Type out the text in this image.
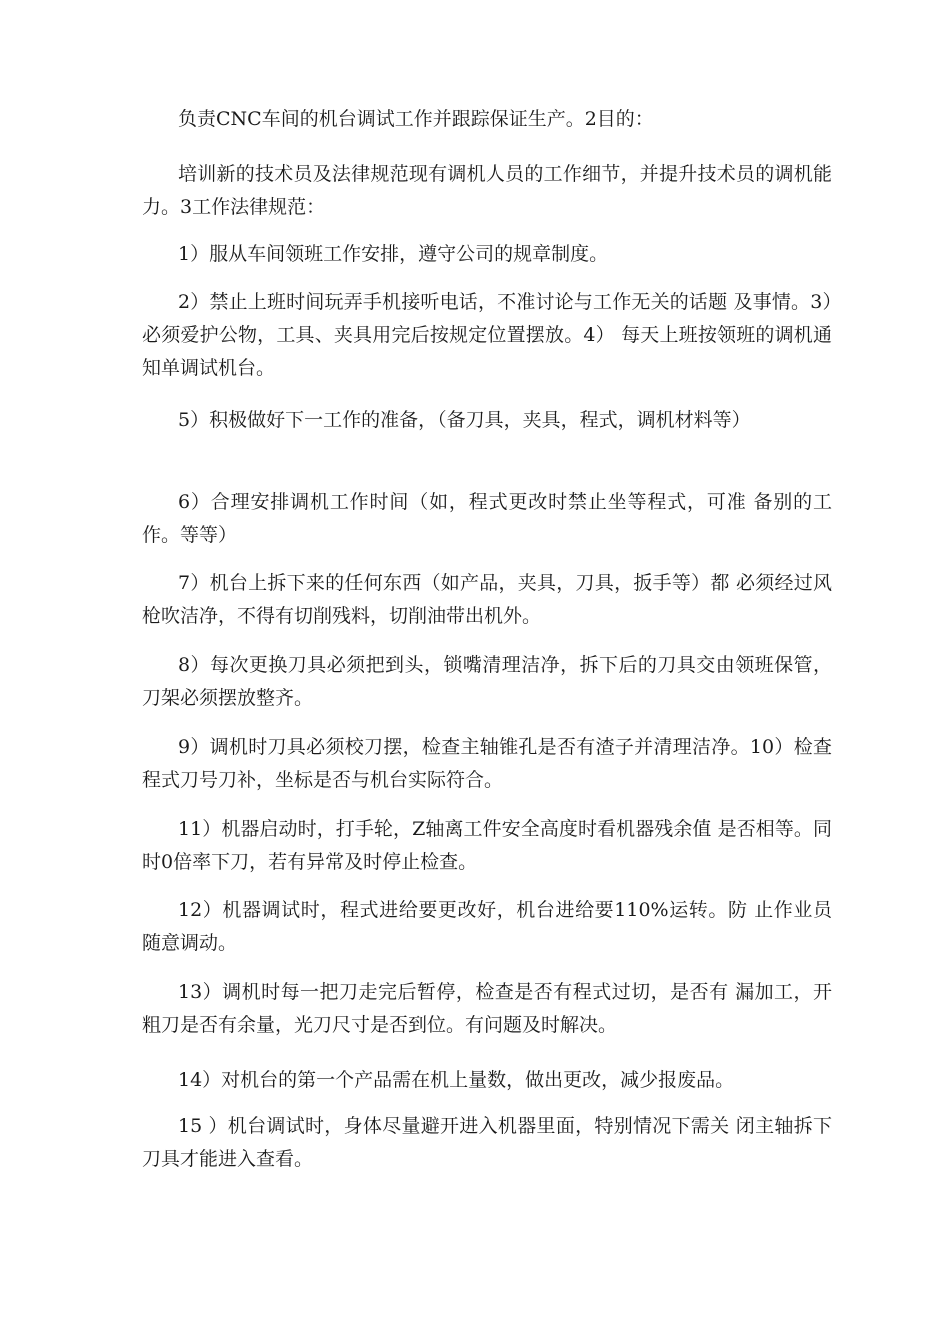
负责CNC车间的机台调试工作并跟踪保证生产。2目的：

培训新的技术员及法律规范现有调机人员的工作细节，并提升技术员的调机能力。3工作法律规范：

1）服从车间领班工作安排，遵守公司的规章制度。

2）禁止上班时间玩弄手机接听电话，不准讨论与工作无关的话题 及事情。3）必须爱护公物，工具、夹具用完后按规定位置摆放。4） 每天上班按领班的调机通知单调试机台。

5）积极做好下一工作的准备，（备刀具，夹具，程式，调机材料等）

6）合理安排调机工作时间（如，程式更改时禁止坐等程式，可准 备别的工作。等等）

7）机台上拆下来的任何东西（如产品，夹具，刀具，扳手等）都 必须经过风枪吹洁净，不得有切削残料，切削油带出机外。

8）每次更换刀具必须把到头，锁嘴清理洁净，拆下后的刀具交由领班保管，刀架必须摆放整齐。

9）调机时刀具必须校刀摆，检查主轴锥孔是否有渣子并清理洁净。10）检查程式刀号刀补，坐标是否与机台实际符合。

11）机器启动时，打手轮，Z轴离工件安全高度时看机器残余值 是否相等。同时0倍率下刀，若有异常及时停止检查。

12）机器调试时，程式进给要更改好，机台进给要110%运转。防 止作业员随意调动。

13）调机时每一把刀走完后暂停，检查是否有程式过切，是否有 漏加工，开粗刀是否有余量，光刀尺寸是否到位。有问题及时解决。

14）对机台的第一个产品需在机上量数，做出更改，减少报废品。

15 ）机台调试时，身体尽量避开进入机器里面，特别情况下需关 闭主轴拆下刀具才能进入查看。
